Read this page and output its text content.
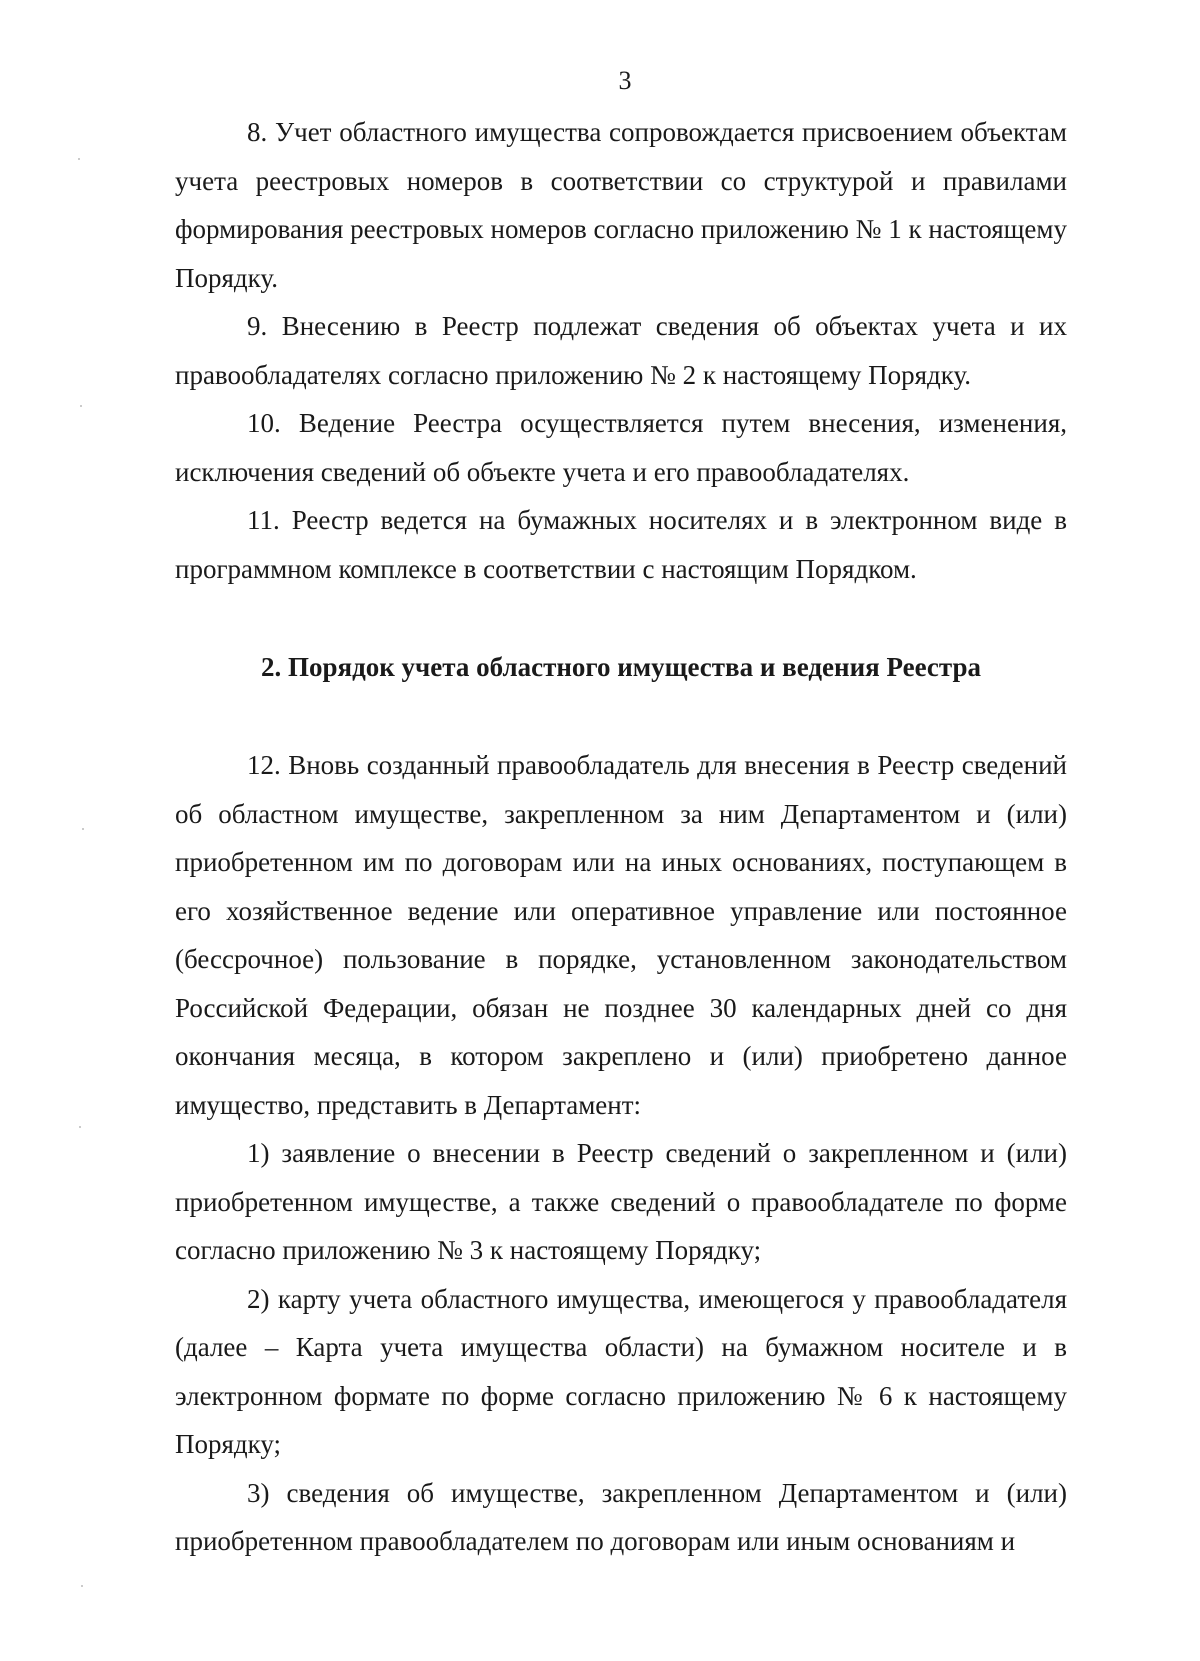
3

8. Учет областного имущества сопровождается присвоением объектам учета реестровых номеров в соответствии со структурой и правилами формирования реестровых номеров согласно приложению № 1 к настоящему Порядку.

9. Внесению в Реестр подлежат сведения об объектах учета и их правообладателях согласно приложению № 2 к настоящему Порядку.

10. Ведение Реестра осуществляется путем внесения, изменения, исключения сведений об объекте учета и его правообладателях.

11. Реестр ведется на бумажных носителях и в электронном виде в программном комплексе в соответствии с настоящим Порядком.

2. Порядок учета областного имущества и ведения Реестра

12. Вновь созданный правообладатель для внесения в Реестр сведений об областном имуществе, закрепленном за ним Департаментом и (или) приобретенном им по договорам или на иных основаниях, поступающем в его хозяйственное ведение или оперативное управление или постоянное (бессрочное) пользование в порядке, установленном законодательством Российской Федерации, обязан не позднее 30 календарных дней со дня окончания месяца, в котором закреплено и (или) приобретено данное имущество, представить в Департамент:

1) заявление о внесении в Реестр сведений о закрепленном и (или) приобретенном имуществе, а также сведений о правообладателе по форме согласно приложению № 3 к настоящему Порядку;

2) карту учета областного имущества, имеющегося у правообладателя (далее – Карта учета имущества области) на бумажном носителе и в электронном формате по форме согласно приложению № 6 к настоящему Порядку;

3) сведения об имуществе, закрепленном Департаментом и (или) приобретенном правообладателем по договорам или иным основаниям и
